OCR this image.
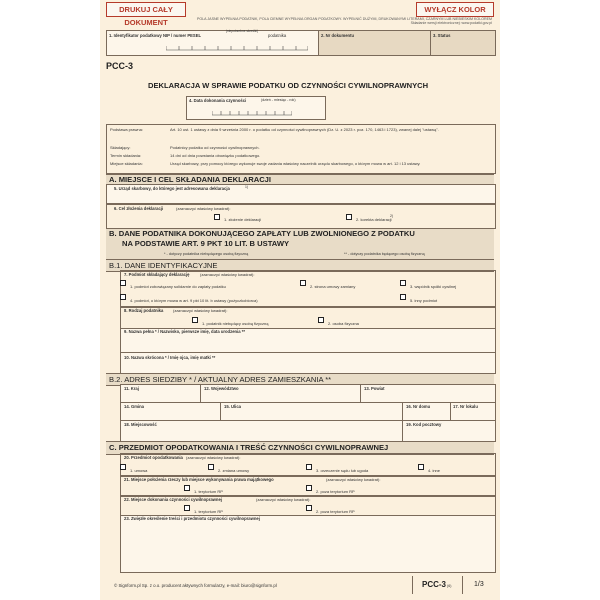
DRUKUJ CAŁY DOKUMENT
WYŁĄCZ KOLOR
POLA JASNE WYPEŁNIA PODATNIK, POLA CIEMNE WYPEŁNIA ORGAN PODATKOWY. WYPEŁNIĆ DUŻYMI, DRUKOWANYMI LITERAMI, CZARNYM LUB NIEBIESKIM KOLOREM
Składanie wersji elektronicznej: www.podatki.gov.pl
1. Identyfikator podatkowy NIP / numer PESEL
(niepotrzebne skreślić)
podatnika	2. Nr dokumentu	3. Status
PCC-3
DEKLARACJA W SPRAWIE PODATKU OD CZYNNOŚCI CYWILNOPRAWNYCH
4. Data dokonania czynności	(dzień - miesiąc - rok)
Podstawa prawna:	Art. 10 ust. 1 ustawy z dnia 9 września 2000 r. o podatku od czynności cywilnoprawnych (Dz. U. z 2023 r. poz. 170, 1463 i 1723), zwanej dalej "ustawą".
Składający:	Podatnicy podatku od czynności cywilnoprawnych.
Termin składania:	14 dni od dnia powstania obowiązku podatkowego.
Miejsce składania:	Urząd skarbowy, przy pomocy którego wykonuje swoje zadania właściwy naczelnik urzędu skarbowego, o którym mowa w art. 12 i 13 ustawy.
A. MIEJSCE I CEL SKŁADANIA DEKLARACJI
5. Urząd skarbowy, do którego jest adresowana deklaracja	1)
6. Cel złożenia deklaracji	(zaznaczyć właściwy kwadrat):
1. złożenie deklaracji	2. korekta deklaracji
2)
B. DANE PODATNIKA DOKONUJĄCEGO ZAPŁATY LUB ZWOLNIONEGO Z PODATKU
NA PODSTAWIE ART. 9 PKT 10 LIT. B USTAWY
* - dotyczy podatnika niebędącego osobą fizyczną	** - dotyczy podatnika będącego osobą fizyczną
B.1. DANE IDENTYFIKACYJNE
7. Podmiot składający deklarację	(zaznaczyć właściwy kwadrat):
1. podmiot zobowiązany solidarnie do zapłaty podatku	2. strona umowy zamiany	3. wspólnik spółki cywilnej
4. podmiot, o którym mowa w art. 9 pkt 10 lit. b ustawy (pożyczkobiorca)	5. inny podmiot
8. Rodzaj podatnika (zaznaczyć właściwy kwadrat):
1. podatnik niebędący osobą fizyczną	2. osoba fizyczna
9. Nazwa pełna * / Nazwisko, pierwsze imię, data urodzenia **
10. Nazwa skrócona * / Imię ojca, imię matki **
B.2. ADRES SIEDZIBY * / AKTUALNY ADRES ZAMIESZKANIA **
11. Kraj	12. Województwo	13. Powiat
14. Gmina	15. Ulica	16. Nr domu	17. Nr lokalu
18. Miejscowość	19. Kod pocztowy
C. PRZEDMIOT OPODATKOWANIA I TREŚĆ CZYNNOŚCI CYWILNOPRAWNEJ
20. Przedmiot opodatkowania (zaznaczyć właściwy kwadrat):
1. umowa	2. zmiana umowy	3. orzeczenie sądu lub ugoda	4. inne
21. Miejsce położenia rzeczy lub miejsce wykonywania prawa majątkowego	(zaznaczyć właściwy kwadrat):
1. terytorium RP	2. poza terytorium RP
22. Miejsce dokonania czynności cywilnoprawnej	(zaznaczyć właściwy kwadrat):
1. terytorium RP	2. poza terytorium RP
23. Zwięzłe określenie treści i przedmiotu czynności cywilnoprawnej
© Signform.pl Sp. z o.o. producent aktywnych formularzy, e-mail: biuro@signform.pl	PCC-3 (6)	1/3
